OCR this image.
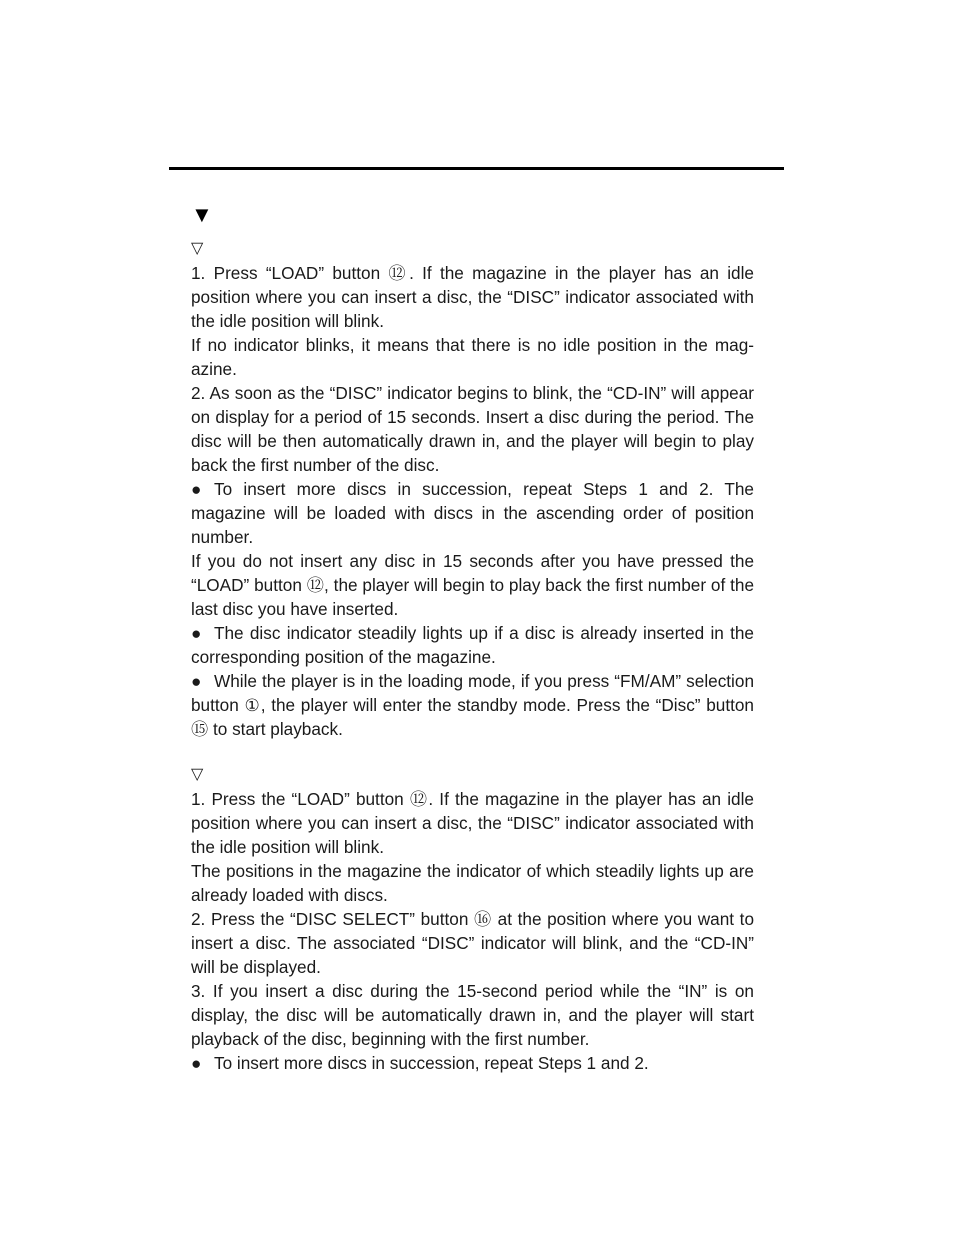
▼
▽

1. Press “LOAD” button ⑫. If the magazine in the player has an idle position where you can insert a disc, the “DISC” indicator associated with the idle position will blink.

If no indicator blinks, it means that there is no idle position in the magazine.

2. As soon as the “DISC” indicator begins to blink, the “CD-IN” will appear on display for a period of 15 seconds. Insert a disc during the period. The disc will be then automatically drawn in, and the player will begin to play back the first number of the disc.

● To insert more discs in succession, repeat Steps 1 and 2. The magazine will be loaded with discs in the ascending order of position number.

If you do not insert any disc in 15 seconds after you have pressed the “LOAD” button ⑫, the player will begin to play back the first number of the last disc you have inserted.

● The disc indicator steadily lights up if a disc is already inserted in the corresponding position of the magazine.

● While the player is in the loading mode, if you press “FM/AM” selection button ①, the player will enter the standby mode. Press the “Disc” button ⑮ to start playback.

▽

1. Press the “LOAD” button ⑫. If the magazine in the player has an idle position where you can insert a disc, the “DISC” indicator associated with the idle position will blink.

The positions in the magazine the indicator of which steadily lights up are already loaded with discs.

2. Press the “DISC SELECT” button ⑯ at the position where you want to insert a disc. The associated “DISC” indicator will blink, and the “CD-IN” will be displayed.

3. If you insert a disc during the 15-second period while the “IN” is on display, the disc will be automatically drawn in, and the player will start playback of the disc, beginning with the first number.

● To insert more discs in succession, repeat Steps 1 and 2.
